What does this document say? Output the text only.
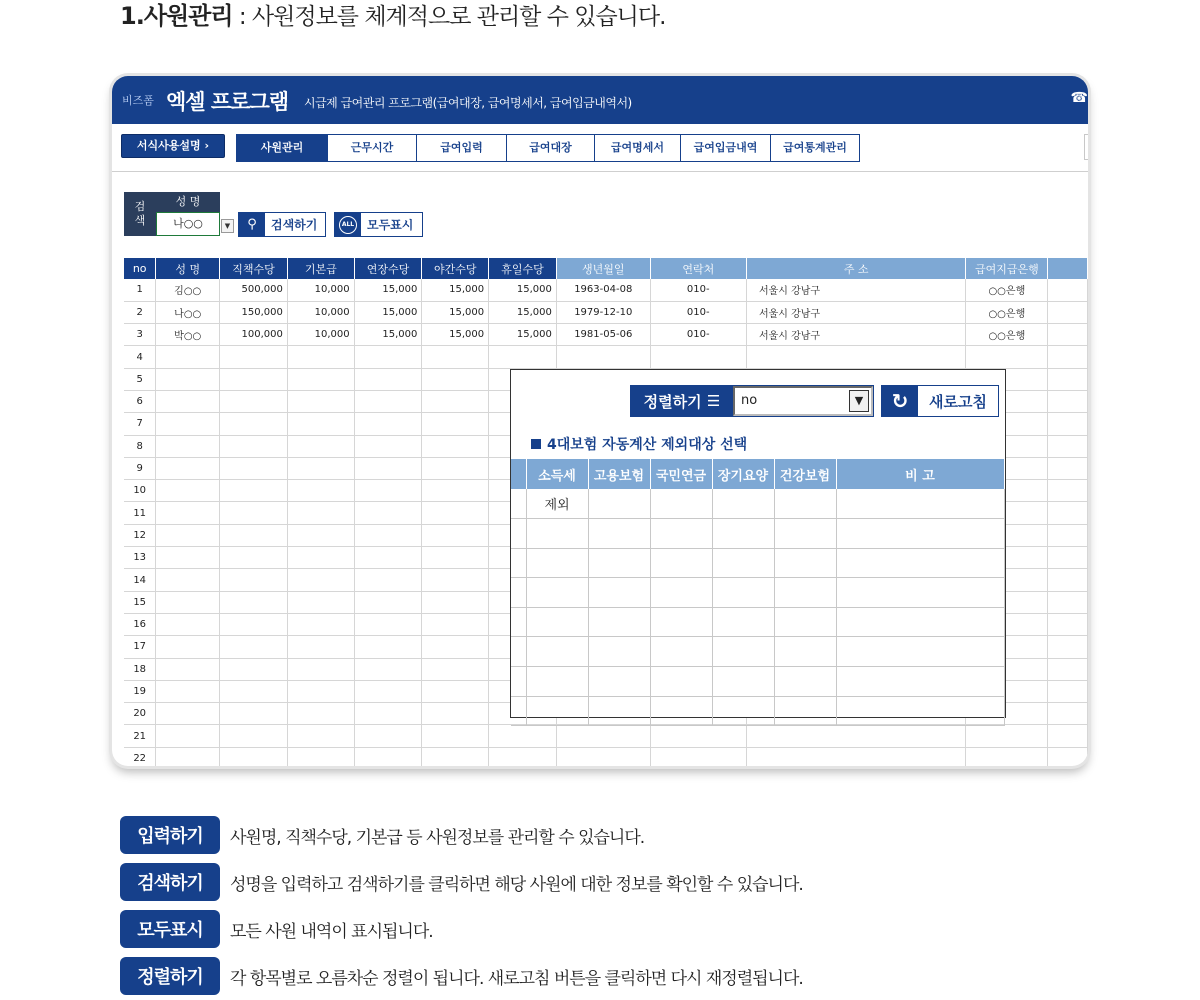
1.사원관리 : 사원정보를 체계적으로 관리할 수 있습니다.
비즈폼 엑셀 프로그램 시급제 급여관리 프로그램(급여대장, 급여명세서, 급여입금내역서)	☎
서식사용설명 ›	사원관리	근무시간	급여입력	급여대장	급여명세서	급여입금내역	급여통계관리
검
색
성 명
나○○	▼	⚲	검색하기	ALL	모두표시
no	성 명	직책수당	기본급	연장수당	야간수당	휴일수당	생년월일	연락처	주 소	급여지급은행	
1	김○○	500,000	10,000	15,000	15,000	15,000	1963-04-08	010-	서울시 강남구	○○은행	
2	나○○	150,000	10,000	15,000	15,000	15,000	1979-12-10	010-	서울시 강남구	○○은행	
3	박○○	100,000	10,000	15,000	15,000	15,000	1981-05-06	010-	서울시 강남구	○○은행	
4											
5											
6											
7											
8											
9											
10											
11											
12											
13											
14											
15											
16											
17											
18											
19											
20											
21											
22											
정렬하기
☰	no	▼	↻	새로고침
4대보험 자동계산 제외대상 선택
	소득세	고용보험	국민연금	장기요양	건강보험	비 고
	제외					

입력하기	사원명, 직책수당, 기본급 등 사원정보를 관리할 수 있습니다.
검색하기	성명을 입력하고 검색하기를 클릭하면 해당 사원에 대한 정보를 확인할 수 있습니다.
모두표시	모든 사원 내역이 표시됩니다.
정렬하기	각 항목별로 오름차순 정렬이 됩니다. 새로고침 버튼을 클릭하면 다시 재정렬됩니다.
